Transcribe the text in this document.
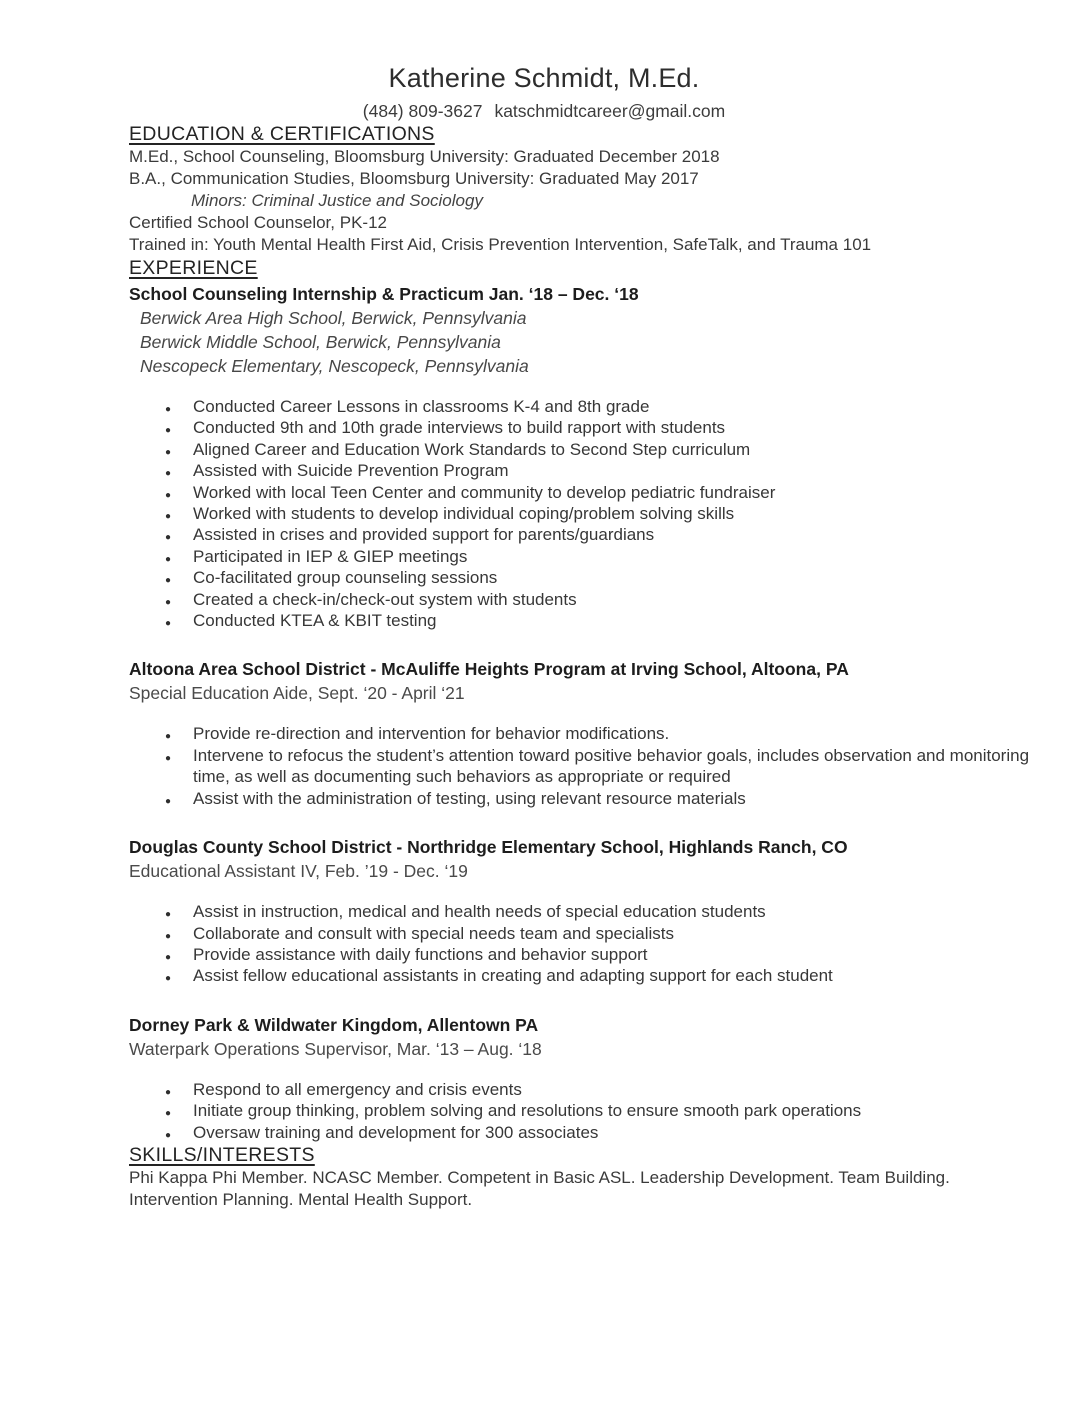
Katherine Schmidt, M.Ed.
(484) 809-3627 katschmidtcareer@gmail.com
EDUCATION & CERTIFICATIONS

M.Ed., School Counseling, Bloomsburg University: Graduated December 2018

B.A., Communication Studies, Bloomsburg University: Graduated May 2017

Minors: Criminal Justice and Sociology

Certified School Counselor, PK-12

Trained in: Youth Mental Health First Aid, Crisis Prevention Intervention, SafeTalk, and Trauma 101

EXPERIENCE
School Counseling Internship & Practicum Jan. ‘18 – Dec. ‘18

Berwick Area High School, Berwick, Pennsylvania

Berwick Middle School, Berwick, Pennsylvania

Nescopeck Elementary, Nescopeck, Pennsylvania

● Conducted Career Lessons in classrooms K-4 and 8th grade
● Conducted 9th and 10th grade interviews to build rapport with students
● Aligned Career and Education Work Standards to Second Step curriculum
● Assisted with Suicide Prevention Program
● Worked with local Teen Center and community to develop pediatric fundraiser
● Worked with students to develop individual coping/problem solving skills
● Assisted in crises and provided support for parents/guardians
● Participated in IEP & GIEP meetings
● Co-facilitated group counseling sessions
● Created a check-in/check-out system with students
● Conducted KTEA & KBIT testing
Altoona Area School District - McAuliffe Heights Program at Irving School, Altoona, PA

Special Education Aide, Sept. ‘20 - April ‘21

● Provide re-direction and intervention for behavior modifications.
● Intervene to refocus the student’s attention toward positive behavior goals, includes observation and monitoring time, as well as documenting such behaviors as appropriate or required
● Assist with the administration of testing, using relevant resource materials
Douglas County School District - Northridge Elementary School, Highlands Ranch, CO

Educational Assistant IV, Feb. ’19 - Dec. ‘19

● Assist in instruction, medical and health needs of special education students
● Collaborate and consult with special needs team and specialists
● Provide assistance with daily functions and behavior support
● Assist fellow educational assistants in creating and adapting support for each student
Dorney Park & Wildwater Kingdom, Allentown PA

Waterpark Operations Supervisor, Mar. ‘13 – Aug. ‘18

● Respond to all emergency and crisis events
● Initiate group thinking, problem solving and resolutions to ensure smooth park operations
● Oversaw training and development for 300 associates
SKILLS/INTERESTS

Phi Kappa Phi Member. NCASC Member. Competent in Basic ASL. Leadership Development. Team Building. Intervention Planning. Mental Health Support.
